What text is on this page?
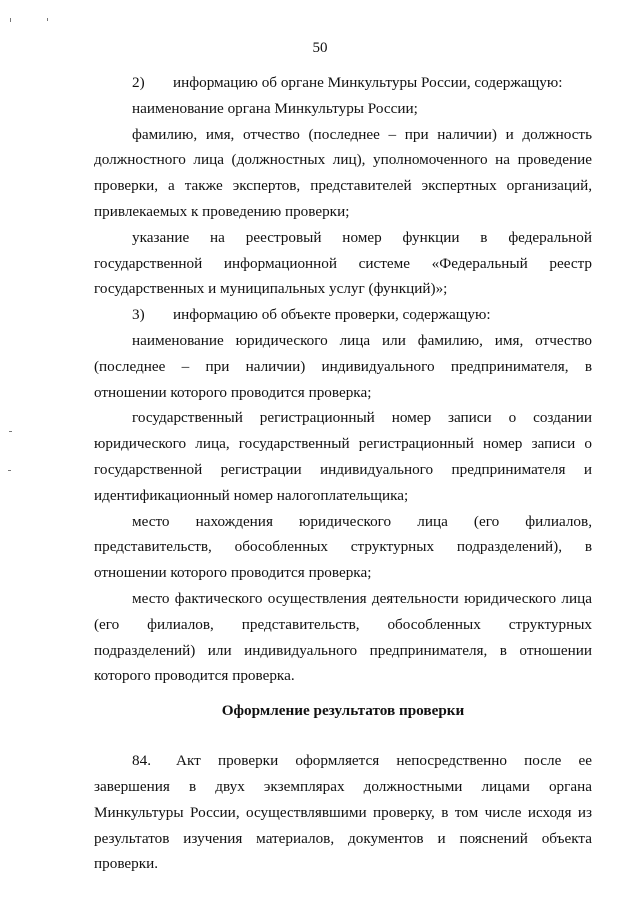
50

2) информацию об органе Минкультуры России, содержащую:

наименование органа Минкультуры России;

фамилию, имя, отчество (последнее – при наличии) и должность должностного лица (должностных лиц), уполномоченного на проведение проверки, а также экспертов, представителей экспертных организаций, привлекаемых к проведению проверки;

указание на реестровый номер функции в федеральной государственной информационной системе «Федеральный реестр государственных и муниципальных услуг (функций)»;

3) информацию об объекте проверки, содержащую:

наименование юридического лица или фамилию, имя, отчество (последнее – при наличии) индивидуального предпринимателя, в отношении которого проводится проверка;

государственный регистрационный номер записи о создании юридического лица, государственный регистрационный номер записи о государственной регистрации индивидуального предпринимателя и идентификационный номер налогоплательщика;

место нахождения юридического лица (его филиалов, представительств, обособленных структурных подразделений), в отношении которого проводится проверка;

место фактического осуществления деятельности юридического лица (его филиалов, представительств, обособленных структурных подразделений) или индивидуального предпринимателя, в отношении которого проводится проверка.

Оформление результатов проверки

84. Акт проверки оформляется непосредственно после ее завершения в двух экземплярах должностными лицами органа Минкультуры России, осуществлявшими проверку, в том числе исходя из результатов изучения материалов, документов и пояснений объекта проверки.
